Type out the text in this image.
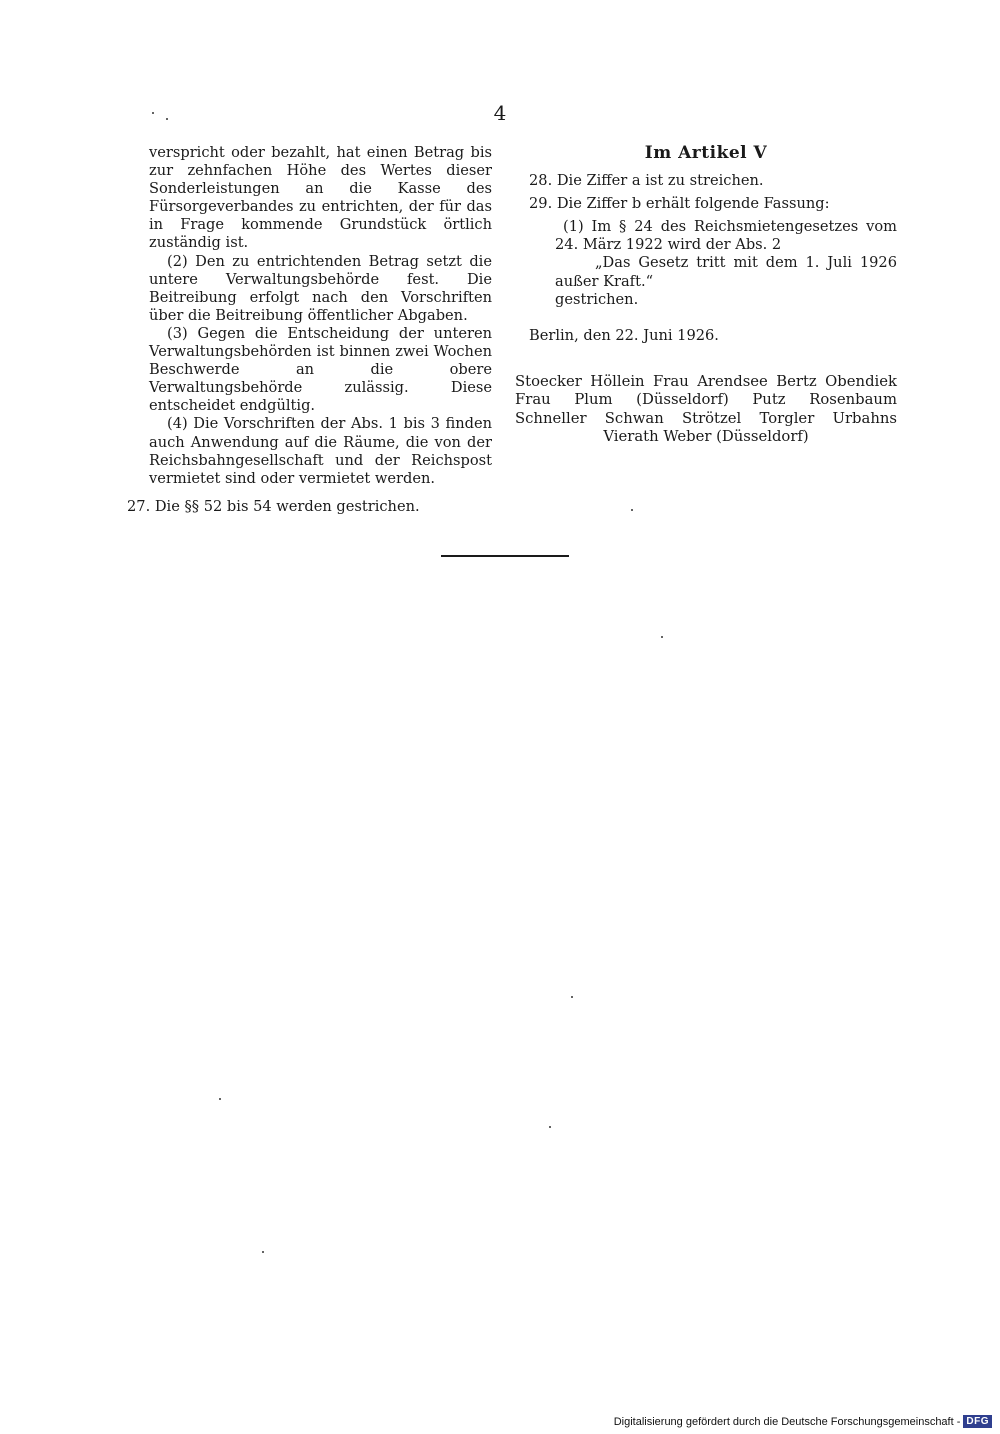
4

verspricht oder bezahlt, hat einen Betrag bis zur zehnfachen Höhe des Wertes dieser Sonderleistungen an die Kasse des Fürsorgeverbandes zu entrichten, der für das in Frage kommende Grundstück örtlich zuständig ist.

(2) Den zu entrichtenden Betrag setzt die untere Verwaltungsbehörde fest. Die Beitreibung erfolgt nach den Vorschriften über die Beitreibung öffentlicher Abgaben.

(3) Gegen die Entscheidung der unteren Verwaltungsbehörden ist binnen zwei Wochen Beschwerde an die obere Verwaltungsbehörde zulässig. Diese entscheidet endgültig.

(4) Die Vorschriften der Abs. 1 bis 3 finden auch Anwendung auf die Räume, die von der Reichsbahngesellschaft und der Reichspost vermietet sind oder vermietet werden.

27. Die §§ 52 bis 54 werden gestrichen.

Im Artikel V

28. Die Ziffer a ist zu streichen.

29. Die Ziffer b erhält folgende Fassung:

(1) Im § 24 des Reichsmietengesetzes vom 24. März 1922 wird der Abs. 2

„Das Gesetz tritt mit dem 1. Juli 1926 außer Kraft.“

gestrichen.

Berlin, den 22. Juni 1926.

Stoecker Höllein Frau Arendsee Bertz Obendiek Frau Plum (Düsseldorf) Putz Rosenbaum Schneller Schwan Strötzel Torgler Urbahns Vierath Weber (Düsseldorf)

Digitalisierung gefördert durch die Deutsche Forschungsgemeinschaft - DFG
